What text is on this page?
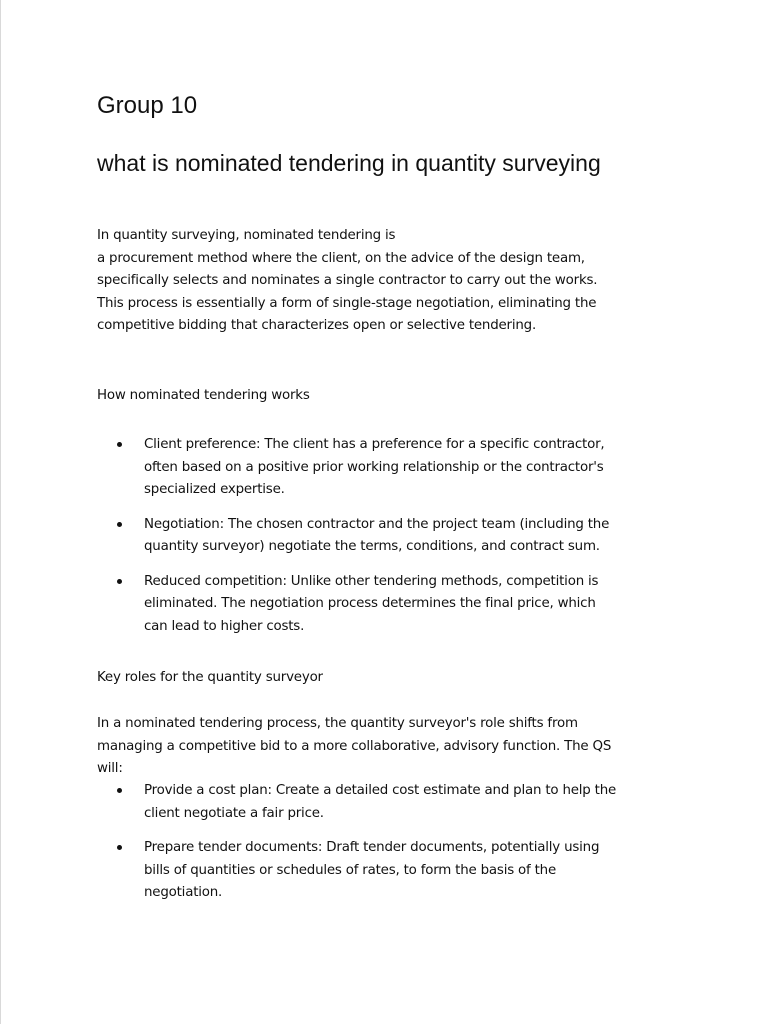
Group 10
what is nominated tendering in quantity surveying

In quantity surveying, nominated tendering is
a procurement method where the client, on the advice of the design team,
specifically selects and nominates a single contractor to carry out the works.
This process is essentially a form of single-stage negotiation, eliminating the
competitive bidding that characterizes open or selective tendering.

How nominated tendering works

Client preference: The client has a preference for a specific contractor,
often based on a positive prior working relationship or the contractor's
specialized expertise.
Negotiation: The chosen contractor and the project team (including the
quantity surveyor) negotiate the terms, conditions, and contract sum.
Reduced competition: Unlike other tendering methods, competition is
eliminated. The negotiation process determines the final price, which
can lead to higher costs.

Key roles for the quantity surveyor

In a nominated tendering process, the quantity surveyor's role shifts from
managing a competitive bid to a more collaborative, advisory function. The QS
will:

Provide a cost plan: Create a detailed cost estimate and plan to help the
client negotiate a fair price.
Prepare tender documents: Draft tender documents, potentially using
bills of quantities or schedules of rates, to form the basis of the
negotiation.
